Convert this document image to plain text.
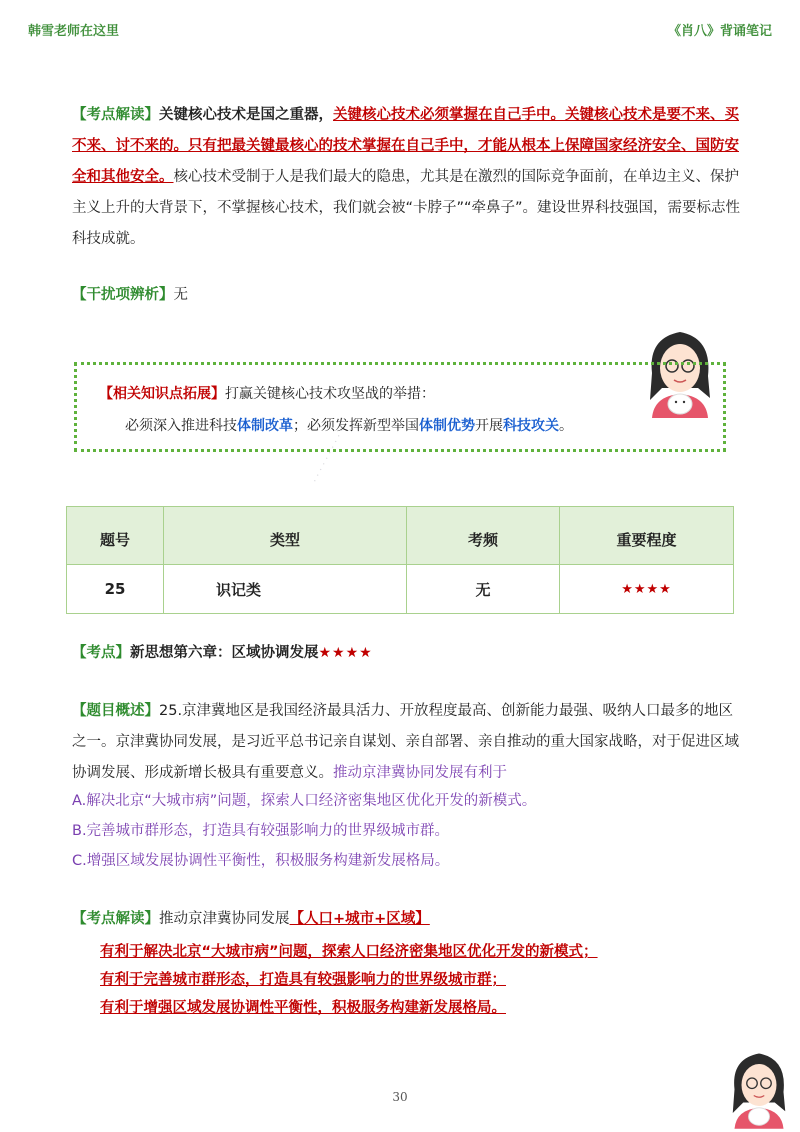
韩雪老师在这里	《肖八》背诵笔记
【考点解读】关键核心技术是国之重器，关键核心技术必须掌握在自己手中。关键核心技术是要不来、买不来、讨不来的。只有把最关键最核心的技术掌握在自己手中，才能从根本上保障国家经济安全、国防安全和其他安全。核心技术受制于人是我们最大的隐患，尤其是在激烈的国际竞争面前，在单边主义、保护主义上升的大背景下，不掌握核心技术，我们就会被“卡脖子”“牵鼻子”。建设世界科技强国，需要标志性科技成就。
【干扰项辨析】无
【相关知识点拓展】打赢关键核心技术攻坚战的举措：
必须深入推进科技体制改革；必须发挥新型举国体制优势开展科技攻关。
· · · · · · · · · ·
题号	类型	考频	重要程度
25	识记类	无	★★★★
【考点】新思想第六章：区域协调发展★★★★
【题目概述】25.京津冀地区是我国经济最具活力、开放程度最高、创新能力最强、吸纳人口最多的地区之一。京津冀协同发展，是习近平总书记亲自谋划、亲自部署、亲自推动的重大国家战略，对于促进区域协调发展、形成新增长极具有重要意义。推动京津冀协同发展有利于
A.解决北京“大城市病”问题，探索人口经济密集地区优化开发的新模式。
B.完善城市群形态，打造具有较强影响力的世界级城市群。
C.增强区域发展协调性平衡性，积极服务构建新发展格局。
【考点解读】推动京津冀协同发展【人口+城市+区域】
有利于解决北京“大城市病”问题，探索人口经济密集地区优化开发的新模式；
有利于完善城市群形态，打造具有较强影响力的世界级城市群；
有利于增强区域发展协调性平衡性，积极服务构建新发展格局。
30
